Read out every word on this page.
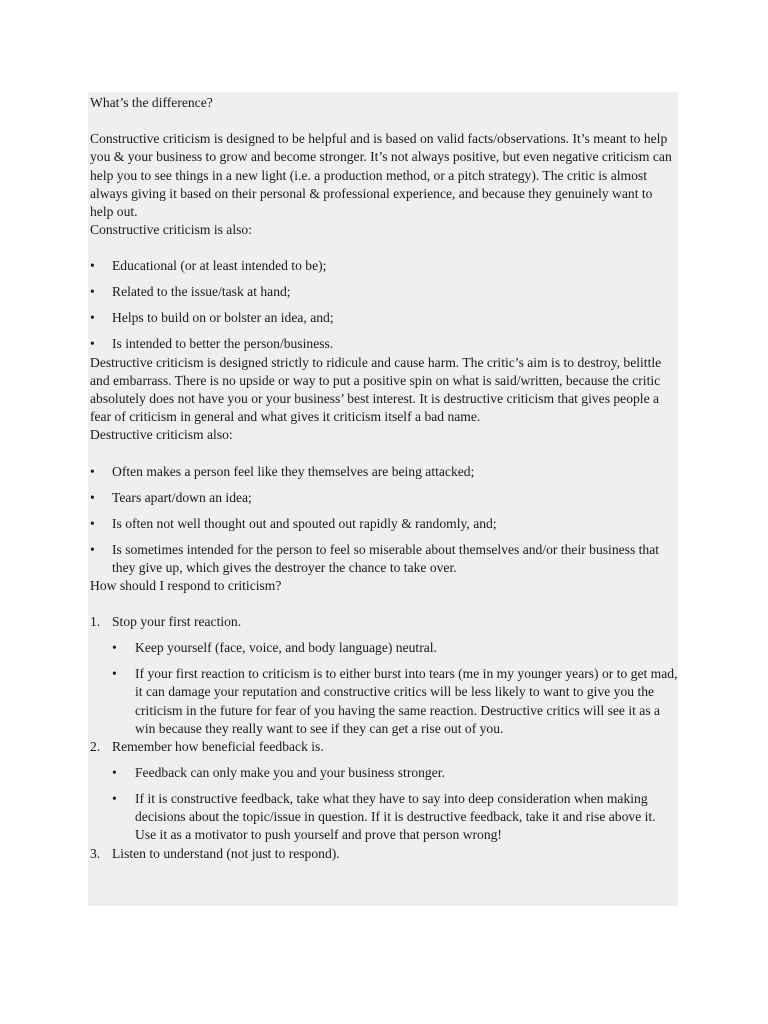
What’s the difference?

Constructive criticism is designed to be helpful and is based on valid facts/observations. It’s meant to help you & your business to grow and become stronger. It’s not always positive, but even negative criticism can help you to see things in a new light (i.e. a production method, or a pitch strategy). The critic is almost always giving it based on their personal & professional experience, and because they genuinely want to help out.

Constructive criticism is also:

• Educational (or at least intended to be);
• Related to the issue/task at hand;
• Helps to build on or bolster an idea, and;
• Is intended to better the person/business.

Destructive criticism is designed strictly to ridicule and cause harm. The critic’s aim is to destroy, belittle and embarrass. There is no upside or way to put a positive spin on what is said/written, because the critic absolutely does not have you or your business’ best interest. It is destructive criticism that gives people a fear of criticism in general and what gives it criticism itself a bad name.

Destructive criticism also:

• Often makes a person feel like they themselves are being attacked;
• Tears apart/down an idea;
• Is often not well thought out and spouted out rapidly & randomly, and;
• Is sometimes intended for the person to feel so miserable about themselves and/or their business that they give up, which gives the destroyer the chance to take over.

How should I respond to criticism?

1. Stop your first reaction.
• Keep yourself (face, voice, and body language) neutral.
• If your first reaction to criticism is to either burst into tears (me in my younger years) or to get mad, it can damage your reputation and constructive critics will be less likely to want to give you the criticism in the future for fear of you having the same reaction. Destructive critics will see it as a win because they really want to see if they can get a rise out of you.
2. Remember how beneficial feedback is.
• Feedback can only make you and your business stronger.
• If it is constructive feedback, take what they have to say into deep consideration when making decisions about the topic/issue in question. If it is destructive feedback, take it and rise above it. Use it as a motivator to push yourself and prove that person wrong!
3. Listen to understand (not just to respond).
